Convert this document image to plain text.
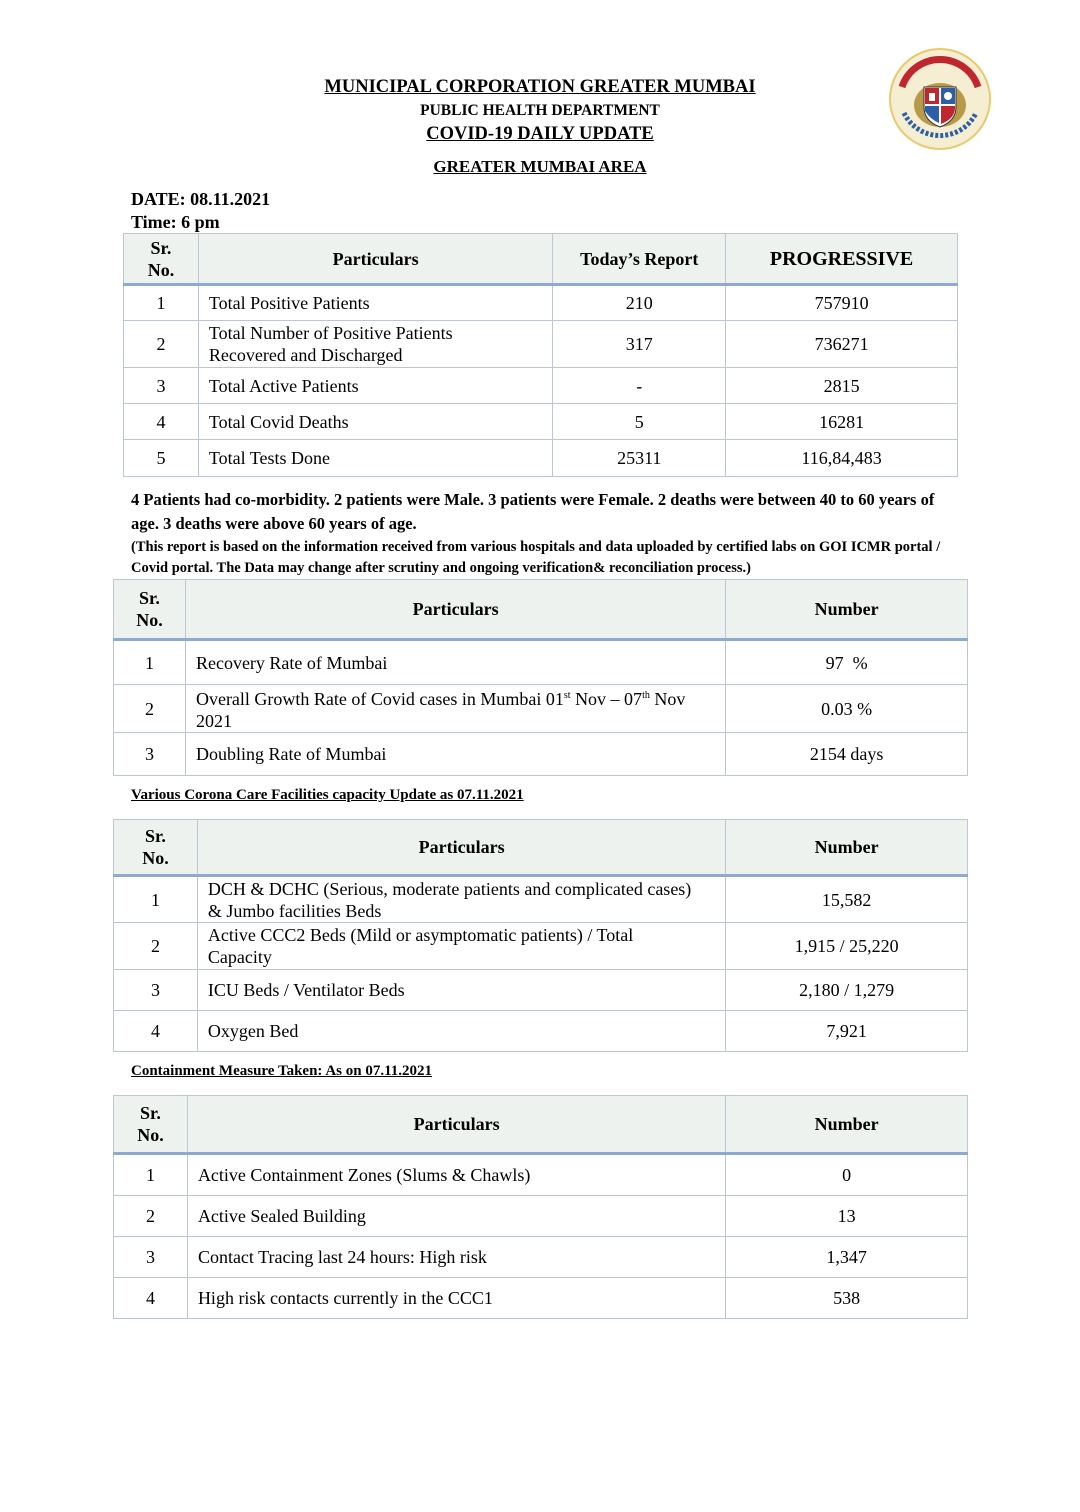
MUNICIPAL CORPORATION GREATER MUMBAI
PUBLIC HEALTH DEPARTMENT
COVID-19 DAILY UPDATE
GREATER MUMBAI AREA
DATE: 08.11.2021
Time: 6 pm
Sr.
No.	Particulars	Today’s Report	PROGRESSIVE
1	Total Positive Patients	210	757910
2	Total Number of Positive Patients Recovered and Discharged	317	736271
3	Total Active Patients	-	2815
4	Total Covid Deaths	5	16281
5	Total Tests Done	25311	116,84,483
4 Patients had co-morbidity. 2 patients were Male. 3 patients were Female. 2 deaths were between 40 to 60 years of age. 3 deaths were above 60 years of age.
(This report is based on the information received from various hospitals and data uploaded by certified labs on GOI ICMR portal / Covid portal. The Data may change after scrutiny and ongoing verification& reconciliation process.)
Sr.
No.	Particulars	Number
1	Recovery Rate of Mumbai	97  %
2	Overall Growth Rate of Covid cases in Mumbai 01st Nov – 07th Nov 2021	0.03 %
3	Doubling Rate of Mumbai	2154 days
Various Corona Care Facilities capacity Update as 07.11.2021
Sr.
No.	Particulars	Number
1	DCH & DCHC (Serious, moderate patients and complicated cases) & Jumbo facilities Beds	15,582
2	Active CCC2 Beds (Mild or asymptomatic patients) / Total Capacity	1,915 / 25,220
3	ICU Beds / Ventilator Beds	2,180 / 1,279
4	Oxygen Bed	7,921
Containment Measure Taken: As on 07.11.2021
Sr.
No.	Particulars	Number
1	Active Containment Zones (Slums & Chawls)	0
2	Active Sealed Building	13
3	Contact Tracing last 24 hours: High risk	1,347
4	High risk contacts currently in the CCC1	538
